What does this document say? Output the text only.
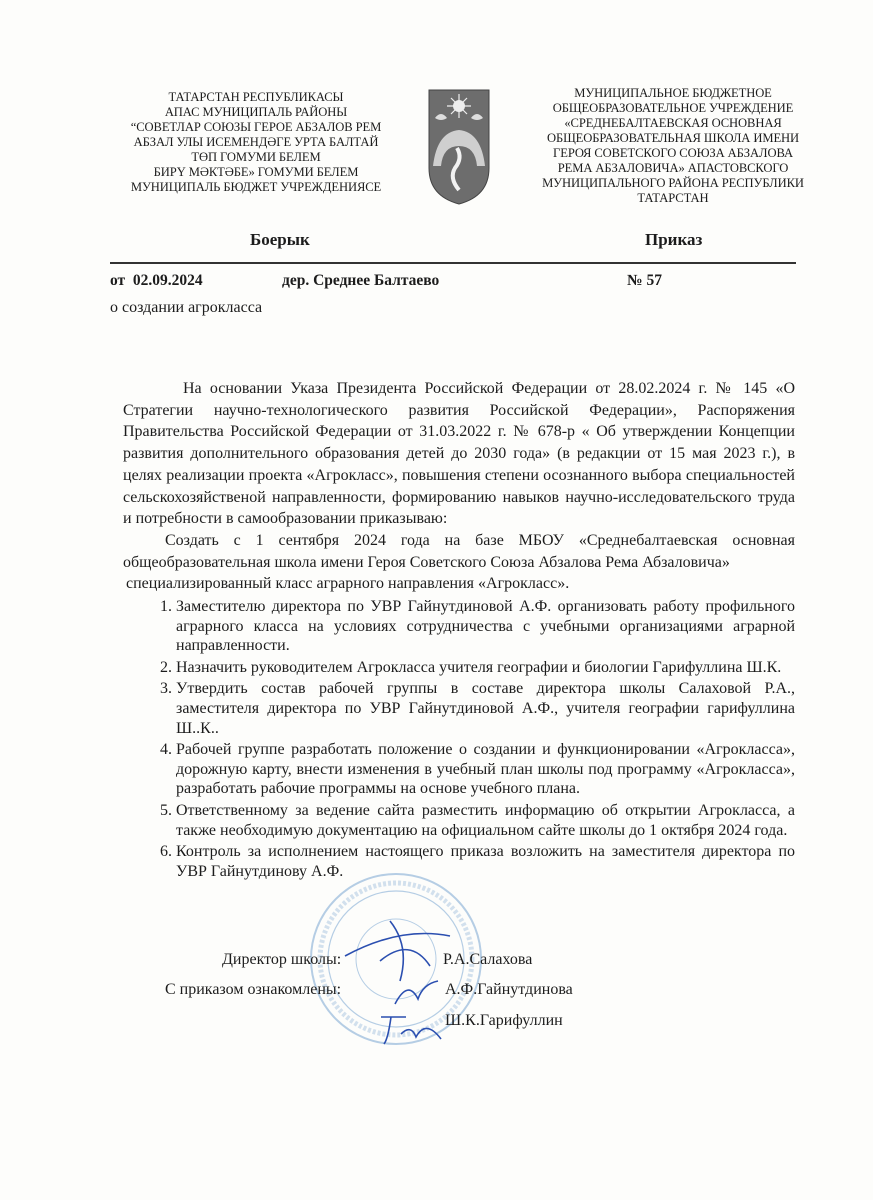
ТАТАРСТАН РЕСПУБЛИКАСЫ
АПАС МУНИЦИПАЛЬ РАЙОНЫ
“СОВЕТЛАР СОЮЗЫ ГЕРОЕ АБЗАЛОВ РЕМ
АБЗАЛ УЛЫ ИСЕМЕНДӘГЕ УРТА БАЛТАЙ
ТӨП ГОМУМИ БЕЛЕМ
БИРҮ МӘКТӘБЕ» ГОМУМИ БЕЛЕМ
МУНИЦИПАЛЬ БЮДЖЕТ УЧРЕЖДЕНИЯСЕ
МУНИЦИПАЛЬНОЕ БЮДЖЕТНОЕ
ОБЩЕОБРАЗОВАТЕЛЬНОЕ УЧРЕЖДЕНИЕ
«СРЕДНЕБАЛТАЕВСКАЯ ОСНОВНАЯ
ОБЩЕОБРАЗОВАТЕЛЬНАЯ ШКОЛА ИМЕНИ
ГЕРОЯ СОВЕТСКОГО СОЮЗА АБЗАЛОВА
РЕМА АБЗАЛОВИЧА» АПАСТОВСКОГО
МУНИЦИПАЛЬНОГО РАЙОНА РЕСПУБЛИКИ
ТАТАРСТАН
Боерык	Приказ
от  02.09.2024	дер. Среднее Балтаево	№ 57
о создании агрокласса

На основании Указа Президента Российской Федерации от 28.02.2024 г. № 145 «О Стратегии научно-технологического развития Российской Федерации», Распоряжения Правительства Российской Федерации от 31.03.2022 г. № 678-р « Об утверждении Концепции развития дополнительного образования детей до 2030 года» (в редакции от 15 мая 2023 г.), в целях реализации проекта «Агрокласс», повышения степени осознанного выбора специальностей сельскохозяйственой направленности, формированию навыков научно-исследовательского труда и потребности в самообразовании приказываю:

Создать с 1 сентября 2024 года на базе МБОУ «Среднебалтаевская основная общеобразовательная школа имени Героя Советского Союза Абзалова Рема Абзаловича»

специализированный класс аграрного направления «Агрокласс».

1. Заместителю директора по УВР Гайнутдиновой А.Ф. организовать работу профильного аграрного класса на условиях сотрудничества с учебными организациями аграрной направленности.
2. Назначить руководителем Агрокласса учителя географии и биологии Гарифуллина Ш.К.
3. Утвердить состав рабочей группы в составе директора школы Салаховой Р.А., заместителя директора по УВР Гайнутдиновой А.Ф., учителя географии гарифуллина Ш..К..
4. Рабочей группе разработать положение о создании и функционировании «Агрокласса», дорожную карту, внести изменения в учебный план школы под программу «Агрокласса», разработать рабочие программы на основе учебного плана.
5. Ответственному за ведение сайта разместить информацию об открытии Агрокласса, а также необходимую документацию на официальном сайте школы до 1 октября 2024 года.
6. Контроль за исполнением настоящего приказа возложить на заместителя директора по УВР Гайнутдинову А.Ф.
Директор школы:	Р.А.Салахова
С приказом ознакомлены:	А.Ф.Гайнутдинова
Ш.К.Гарифуллин
